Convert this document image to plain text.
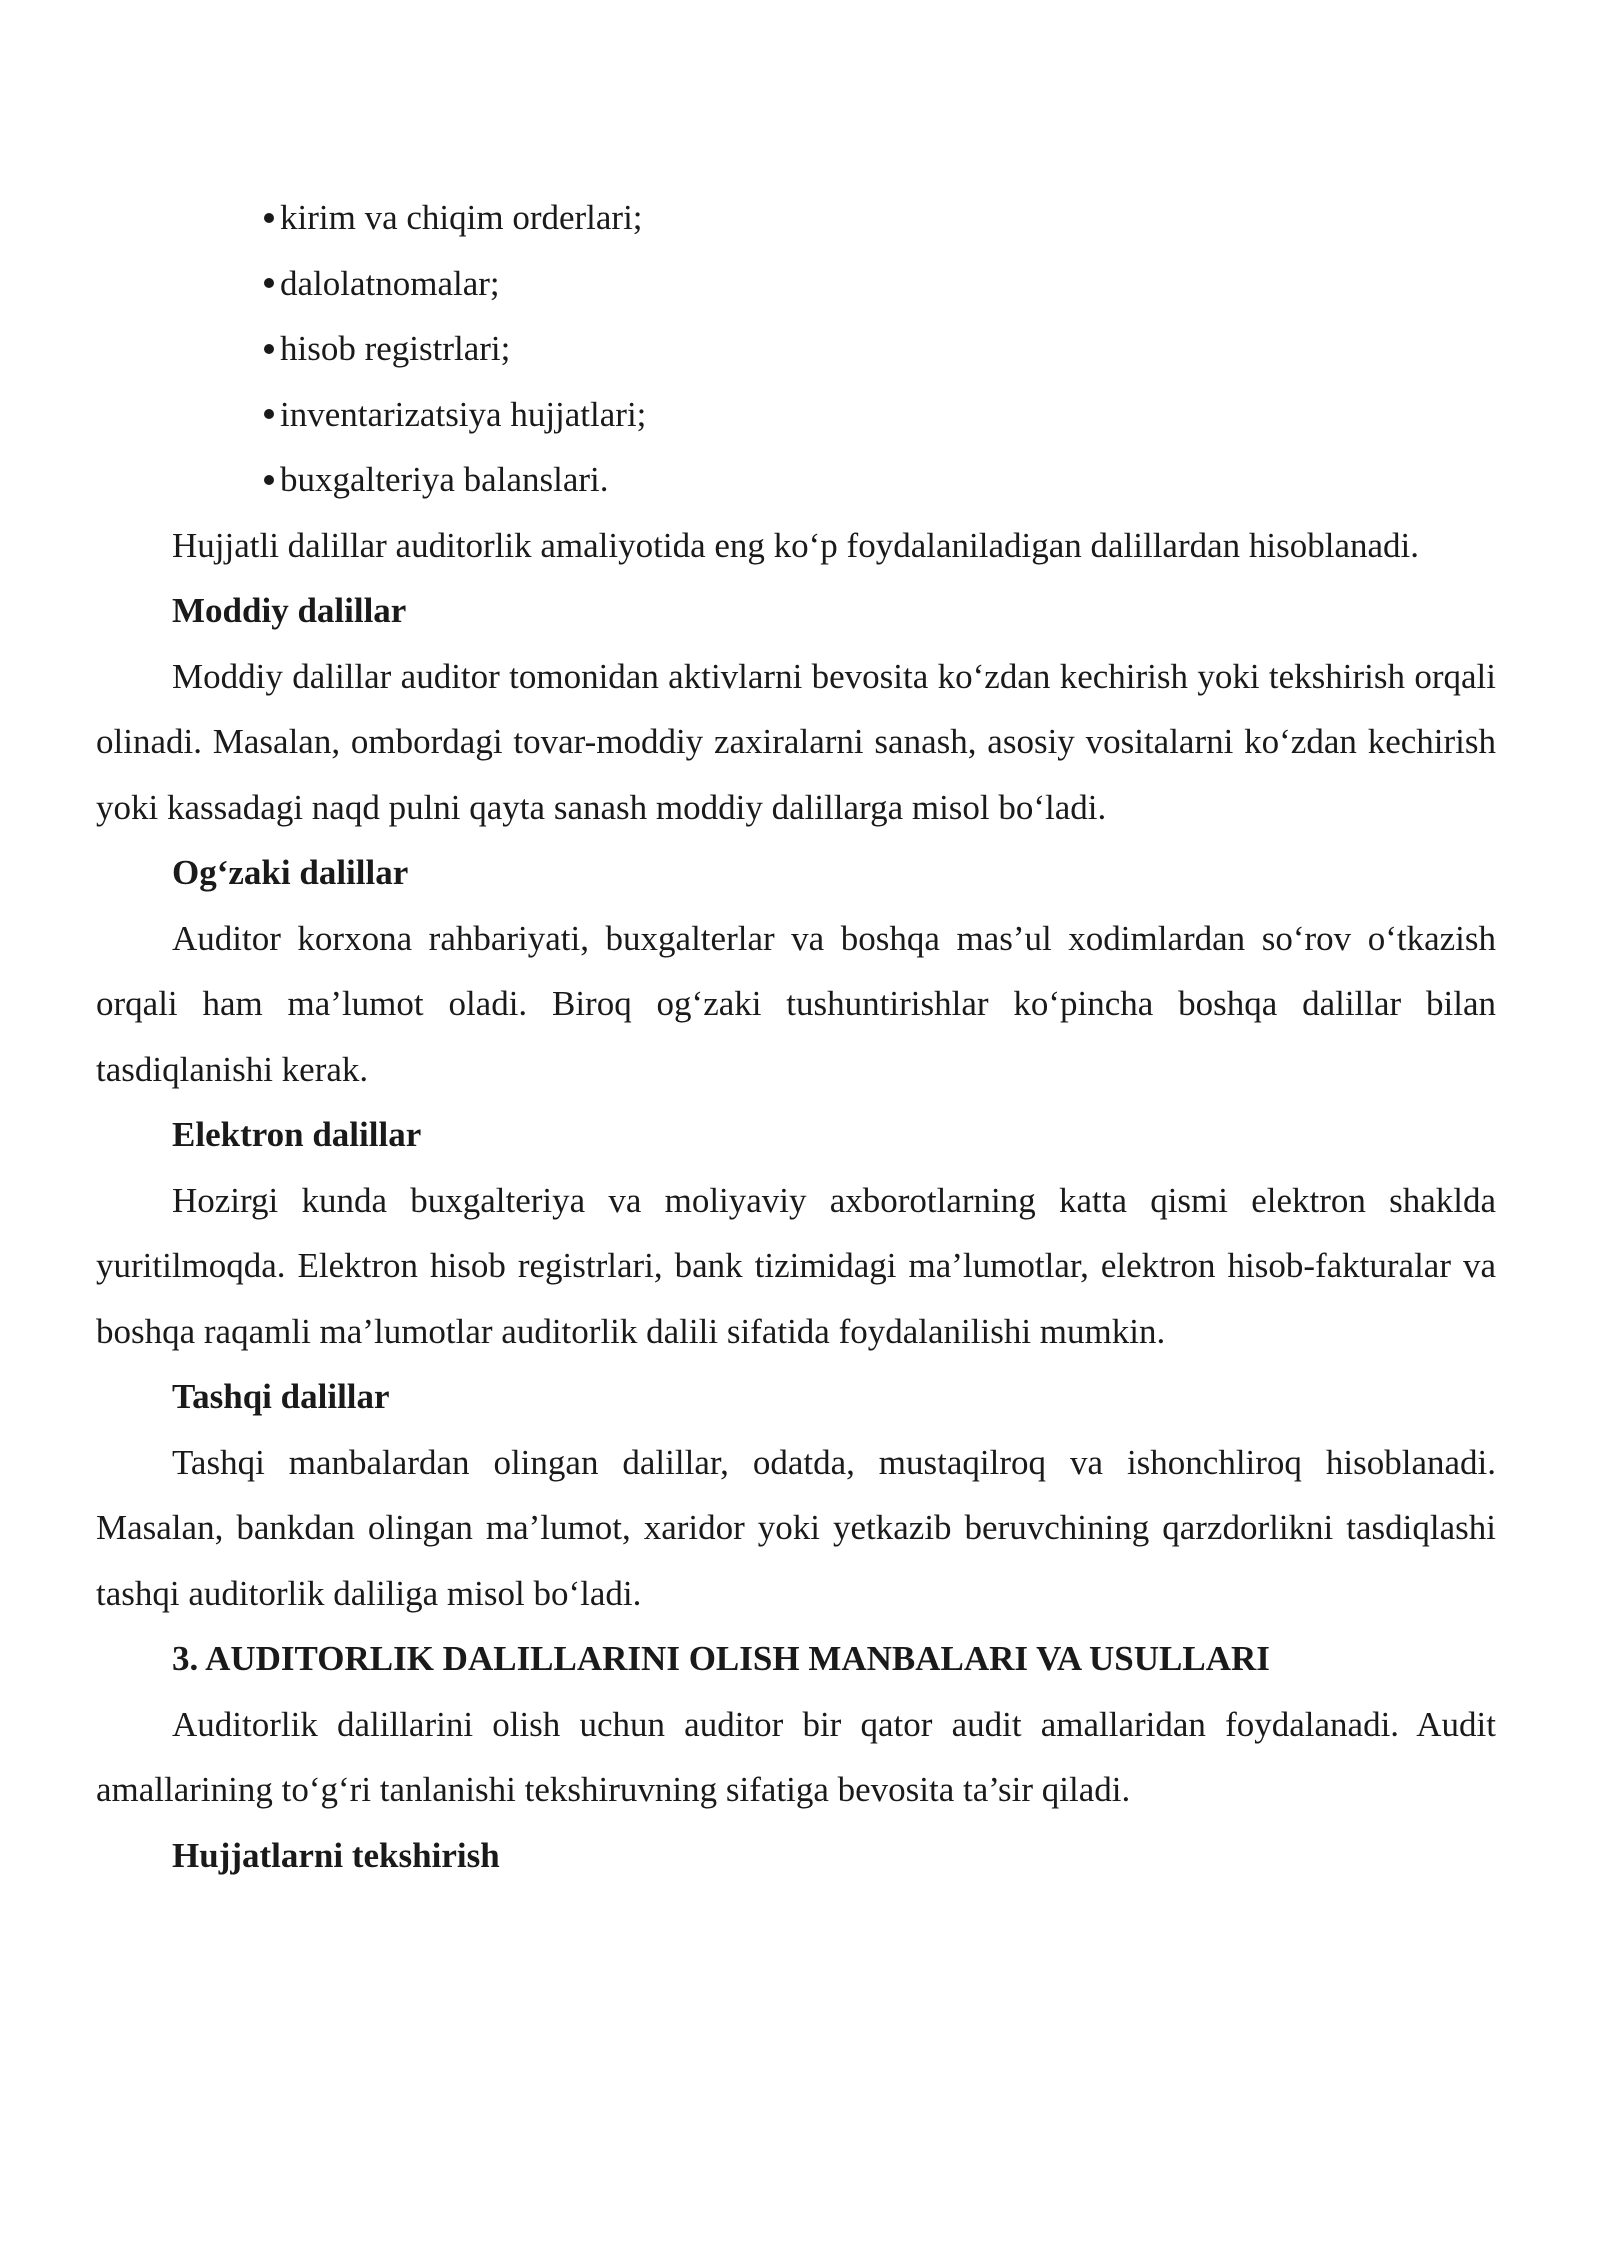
kirim va chiqim orderlari;
dalolatnomalar;
hisob registrlari;
inventarizatsiya hujjatlari;
buxgalteriya balanslari.

Hujjatli dalillar auditorlik amaliyotida eng ko‘p foydalaniladigan dalillardan hisoblanadi.

Moddiy dalillar

Moddiy dalillar auditor tomonidan aktivlarni bevosita ko‘zdan kechirish yoki tekshirish orqali olinadi. Masalan, ombordagi tovar-moddiy zaxiralarni sanash, asosiy vositalarni ko‘zdan kechirish yoki kassadagi naqd pulni qayta sanash moddiy dalillarga misol bo‘ladi.

Og‘zaki dalillar

Auditor korxona rahbariyati, buxgalterlar va boshqa mas’ul xodimlardan so‘rov o‘tkazish orqali ham ma’lumot oladi. Biroq og‘zaki tushuntirishlar ko‘pincha boshqa dalillar bilan tasdiqlanishi kerak.

Elektron dalillar

Hozirgi kunda buxgalteriya va moliyaviy axborotlarning katta qismi elektron shaklda yuritilmoqda. Elektron hisob registrlari, bank tizimidagi ma’lumotlar, elektron hisob-fakturalar va boshqa raqamli ma’lumotlar auditorlik dalili sifatida foydalanilishi mumkin.

Tashqi dalillar

Tashqi manbalardan olingan dalillar, odatda, mustaqilroq va ishonchliroq hisoblanadi. Masalan, bankdan olingan ma’lumot, xaridor yoki yetkazib beruvchining qarzdorlikni tasdiqlashi tashqi auditorlik daliliga misol bo‘ladi.

3. AUDITORLIK DALILLARINI OLISH MANBALARI VA USULLARI

Auditorlik dalillarini olish uchun auditor bir qator audit amallaridan foydalanadi. Audit amallarining to‘g‘ri tanlanishi tekshiruvning sifatiga bevosita ta’sir qiladi.

Hujjatlarni tekshirish
